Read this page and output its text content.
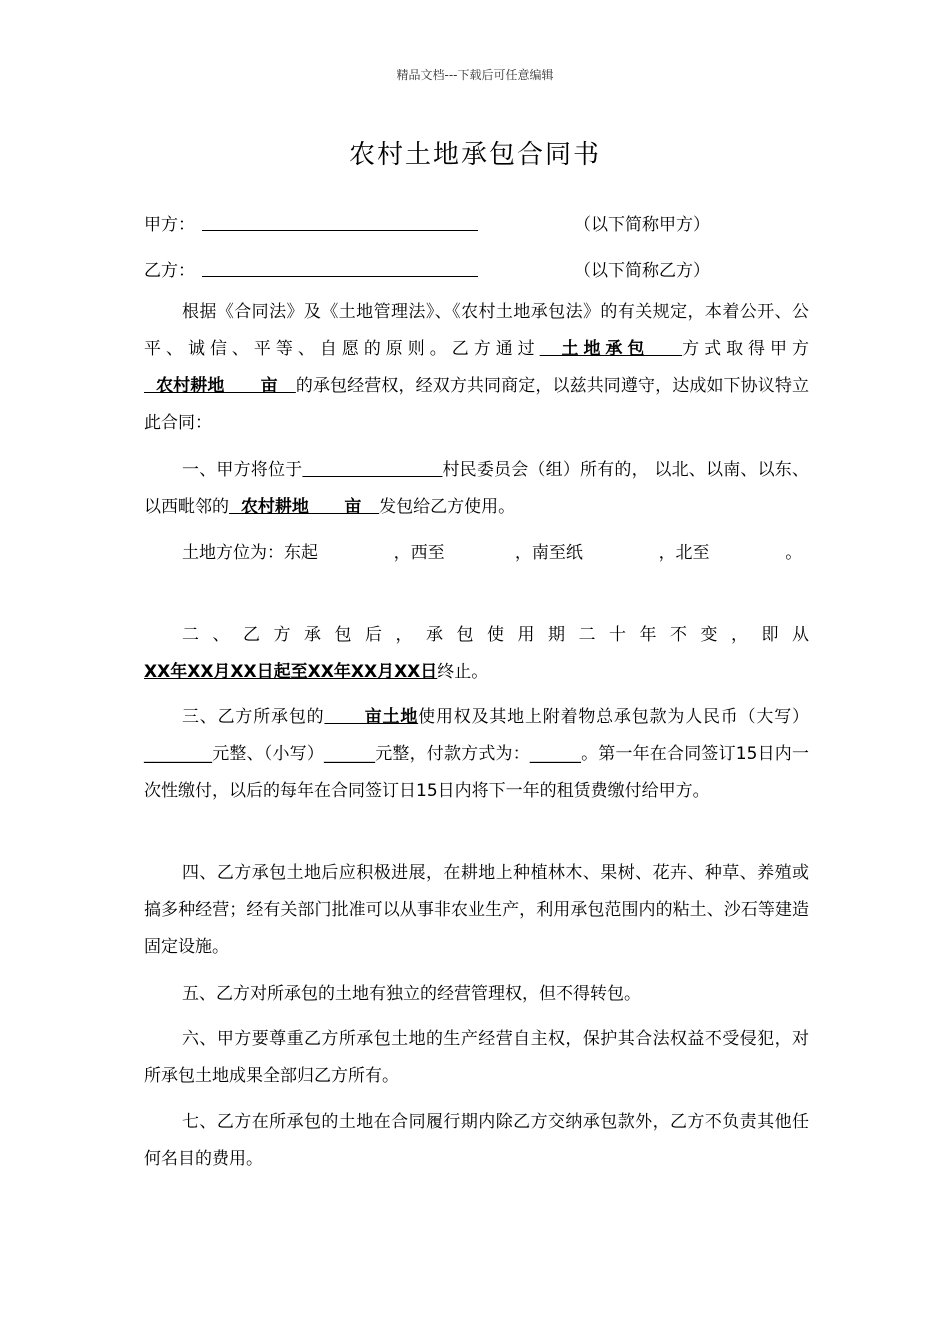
精品文档---下载后可任意编辑
农村土地承包合同书
甲方：	（以下简称甲方）
乙方：	（以下简称乙方）

根据《合同法》及《土地管理法》、《农村土地承包法》的有关规定，本着公开、公平、诚信、平等、自愿的原则。乙方通过  土地承包   方式取得甲方  农村耕地      亩   的承包经营权，经双方共同商定，以兹共同遵守，达成如下协议特立此合同：

一、甲方将位于	村民委员会（组）所有的， 以北、以南、以东、以西毗邻的  农村耕地      亩   发包给乙方使用。

土地方位为：东起	，西至	，南至纸	，北至	。

二、乙方承包后，承包使用期二十年不变，即从XX年XX月XX日起至XX年XX月XX日终止。

三、乙方所承包的      亩土地使用权及其地上附着物总承包款为人民币（大写）________元整、（小写）______元整，付款方式为：______。第一年在合同签订15日内一次性缴付，以后的每年在合同签订日15日内将下一年的租赁费缴付给甲方。

四、乙方承包土地后应积极进展，在耕地上种植林木、果树、花卉、种草、养殖或搞多种经营；经有关部门批准可以从事非农业生产，利用承包范围内的粘土、沙石等建造固定设施。

五、乙方对所承包的土地有独立的经营管理权，但不得转包。

六、甲方要尊重乙方所承包土地的生产经营自主权，保护其合法权益不受侵犯，对所承包土地成果全部归乙方所有。

七、乙方在所承包的土地在合同履行期内除乙方交纳承包款外，乙方不负责其他任何名目的费用。
